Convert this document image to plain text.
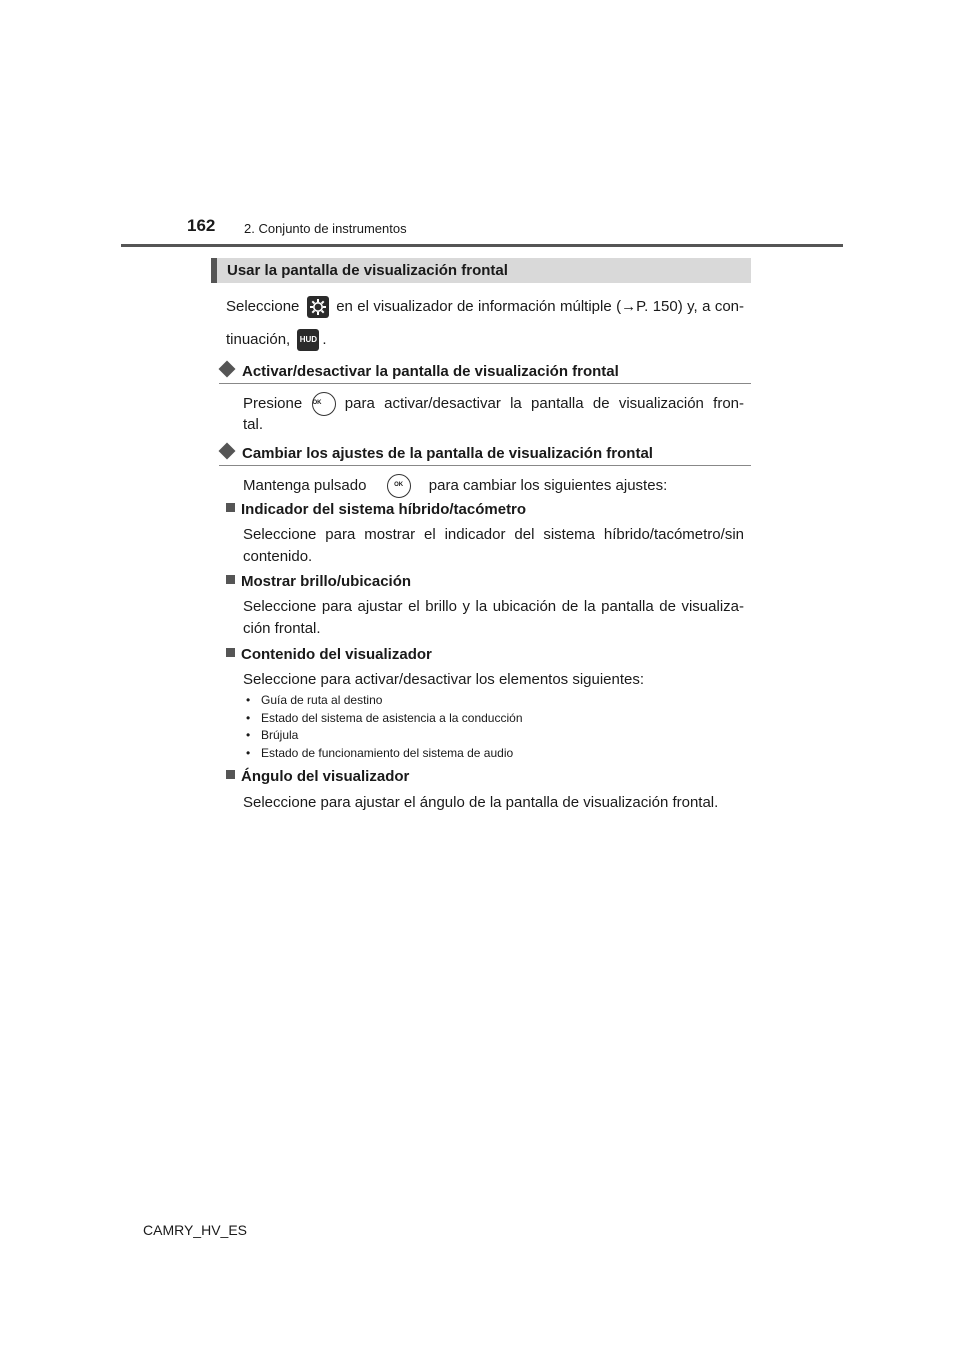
162 2. Conjunto de instrumentos
Usar la pantalla de visualización frontal
Seleccione en el visualizador de información múltiple (→P. 150) y, a con-
tinuación, HUD .
Activar/desactivar la pantalla de visualización frontal
Presione OK para activar/desactivar la pantalla de visualización fron-
tal.
Cambiar los ajustes de la pantalla de visualización frontal
Mantenga pulsado	OK para cambiar los siguientes ajustes:
Indicador del sistema híbrido/tacómetro
Seleccione para mostrar el indicador del sistema híbrido/tacómetro/sin
contenido.
Mostrar brillo/ubicación
Seleccione para ajustar el brillo y la ubicación de la pantalla de visualiza-
ción frontal.
Contenido del visualizador
Seleccione para activar/desactivar los elementos siguientes:
• Guía de ruta al destino
• Estado del sistema de asistencia a la conducción
• Brújula
• Estado de funcionamiento del sistema de audio
Ángulo del visualizador
Seleccione para ajustar el ángulo de la pantalla de visualización frontal.
CAMRY_HV_ES
